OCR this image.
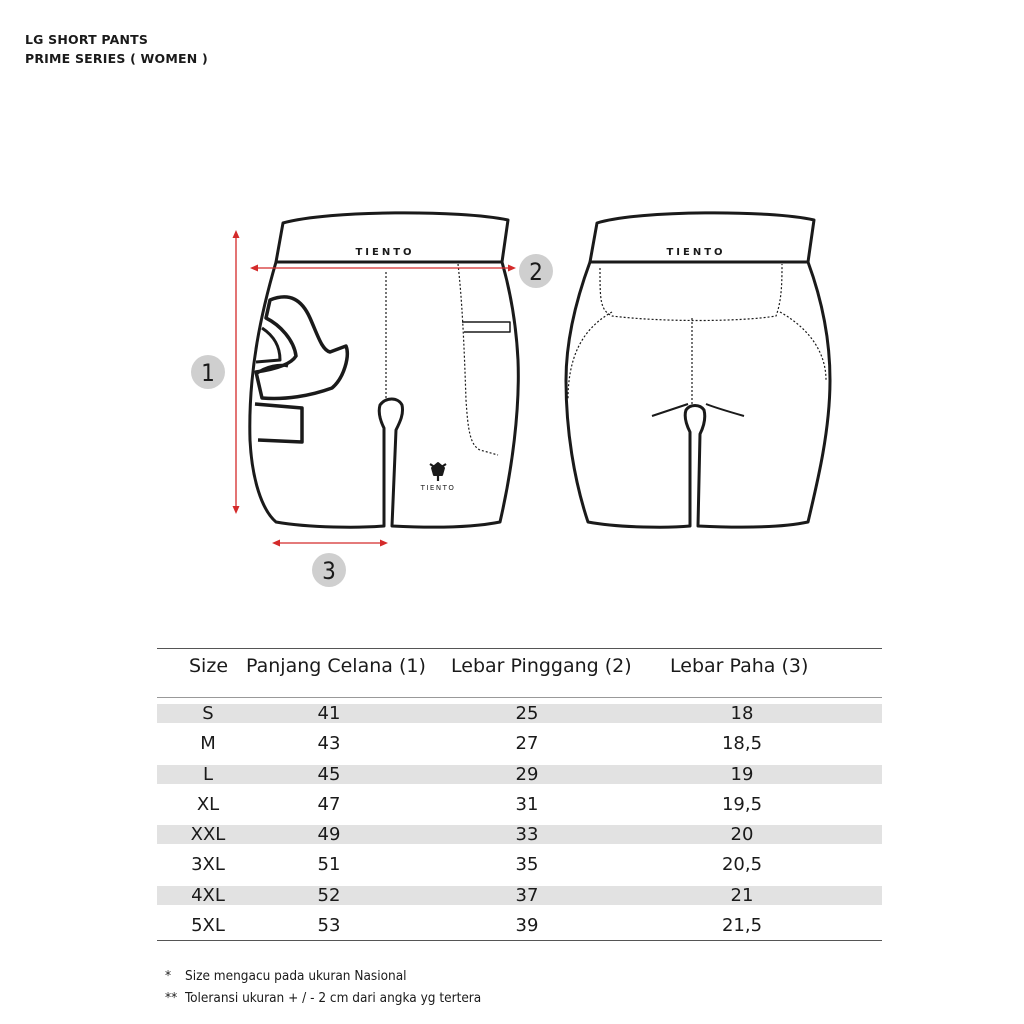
LG SHORT PANTS
PRIME SERIES ( WOMEN )
TIENTO
TIENTO	TIENTO
1
2
3
Size Panjang Celana (1) Lebar Pinggang (2) Lebar Paha (3)
S	41	25	18
M	43	27	18,5
L	45	29	19
XL	47	31	19,5
XXL	49	33	20
3XL	51	35	20,5
4XL	52	37	21
5XL	53	39	21,5
* Size mengacu pada ukuran Nasional
** Toleransi ukuran + / - 2 cm dari angka yg tertera
